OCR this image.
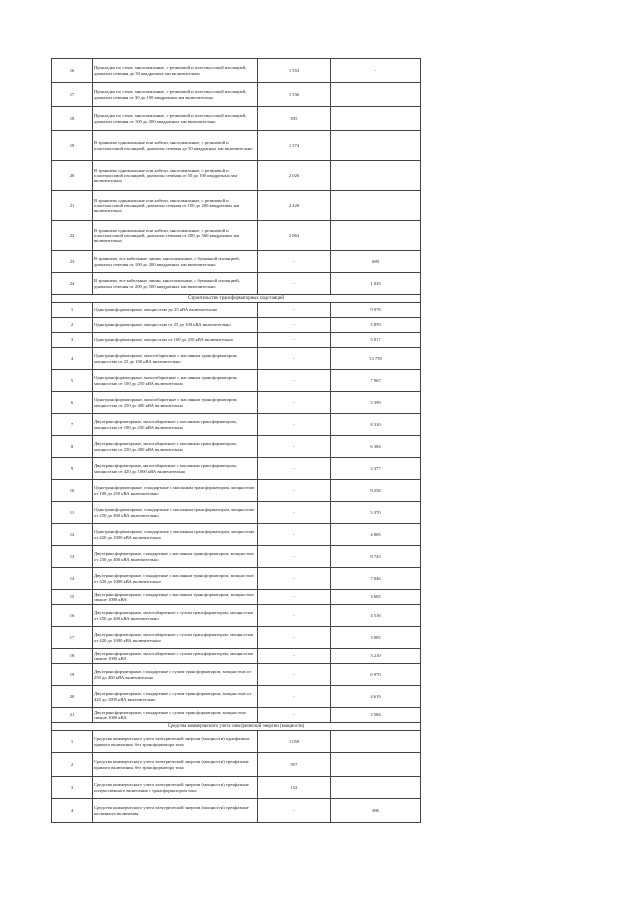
16	Прокладка по стене, многожильные, с резиновой и пластмассовой изоляцией, диапазон сечения до 30 квадратных мм включительно	1 553	-
17	Прокладка по стене, многожильные, с резиновой и пластмассовой изоляцией, диапазон сечения от 30 до 100 квадратных мм включительно	1 536	
18	Прокладка по стене, многожильные, с резиновой и пластмассовой изоляцией, диапазон сечения от 100 до 200 квадратных мм включительно	835	
19	В траншеях одножильные или кабели, многожильные, с резиновой и пластмассовой изоляцией, диапазон сечения до 50 квадратных мм включительно	1 574	
20	В траншеях одножильные или кабели, многожильные, с резиновой и пластмассовой изоляцией, диапазон сечения от 50 до 100 квадратных мм включительно	2 026	
21	В траншеях одножильные или кабели, многожильные, с резиновой и пластмассовой изоляцией, диапазон сечения от 100 до 200 квадратных мм включительно	2 420	
22	В траншеях одножильные или кабели, многожильные, с резиновой и пластмассовой изоляцией, диапазон сечения от 200 до 500 квадратных мм включительно	2 863	
23	В траншеях, все кабельные линии, многожильные, с бумажной изоляцией, диапазон сечения от 100 до 200 квадратных мм включительно	-	689
24	В траншеях, все кабельные линии, многожильные, с бумажной изоляцией, диапазон сечения от 200 до 500 квадратных мм включительно	-	1 035
Строительство трансформаторных подстанций			
1	Однотрансформаторные, мощностью до 25 кВА включительно	-	9 076
2	Однотрансформаторные, мощностью от 25 до 100 кВА включительно	-	5 859
3	Однотрансформаторные, мощностью от 100 до 250 кВА включительно	-	5 817
4	Однотрансформаторные, малогабаритные с масляным трансформатором, мощностью от 25 до 100 кВА включительно	-	13 759
5	Однотрансформаторные, малогабаритные с масляным трансформатором, мощностью от 100 до 250 кВА включительно	-	7 967
6	Однотрансформаторные, малогабаритные с масляным трансформатором, мощностью от 250 до 400 кВА включительно	-	5 399
7	Двухтрансформаторные, малогабаритные с масляным трансформатором, мощностью от 100 до 250 кВА включительно	-	8 310
8	Двухтрансформаторные, малогабаритные с масляным трансформатором, мощностью от 250 до 400 кВА включительно	-	6 384
9	Двухтрансформаторные, малогабаритные с масляным трансформатором, мощностью от 420 до 1000 кВА включительно	-	3 377
10	Однотрансформаторные, стандартные с масляным трансформатором, мощностью от 100 до 250 кВА включительно	-	9 258
11	Однотрансформаторные, стандартные с масляным трансформатором, мощностью от 250 до 400 кВА включительно	-	5 370
12	Однотрансформаторные, стандартные с масляным трансформатором, мощностью от 420 до 1000 кВА включительно	-	4 805
13	Двухтрансформаторные, стандартные с масляным трансформатором, мощностью от 250 до 400 кВА включительно	-	8 743
14	Двухтрансформаторные, стандартные с масляным трансформатором, мощностью от 420 до 1000 кВА включительно	-	7 046
15	Двухтрансформаторные, стандартные с масляным трансформатором, мощностью свыше 1000 кВА	-	3 605
16	Двухтрансформаторные, малогабаритные с сухим трансформатором, мощностью от 250 до 400 кВА включительно	-	4 516
17	Двухтрансформаторные, малогабаритные с сухим трансформатором, мощностью от 420 до 1000 кВА включительно	-	3 085
18	Двухтрансформаторные, малогабаритные с сухим трансформатором, мощностью свыше 1000 кВА	-	3 210
19	Двухтрансформаторные, стандартные с сухим трансформатором, мощностью от 250 до 400 кВА включительно	-	6 970
20	Двухтрансформаторные, стандартные с сухим трансформатором, мощностью от 420 до 1000 кВА включительно	-	4 619
21	Двухтрансформаторные, стандартные с сухим трансформатором, мощностью свыше 1000 кВА	-	3 584
Средства коммерческого учета электрической энергии (мощности)			
1	Средства коммерческого учета электрической энергии (мощности) однофазные прямого включения, без трансформатора тока	1 050	
2	Средства коммерческого учета электрической энергии (мощности) трехфазные прямого включения, без трансформатора тока	957	
3	Средства коммерческого учета электрической энергии (мощности) трехфазные полукосвенного включения с трансформатором тока	152	
4	Средства коммерческого учета электрической энергии (мощности) трехфазные косвенного включения	-	386
